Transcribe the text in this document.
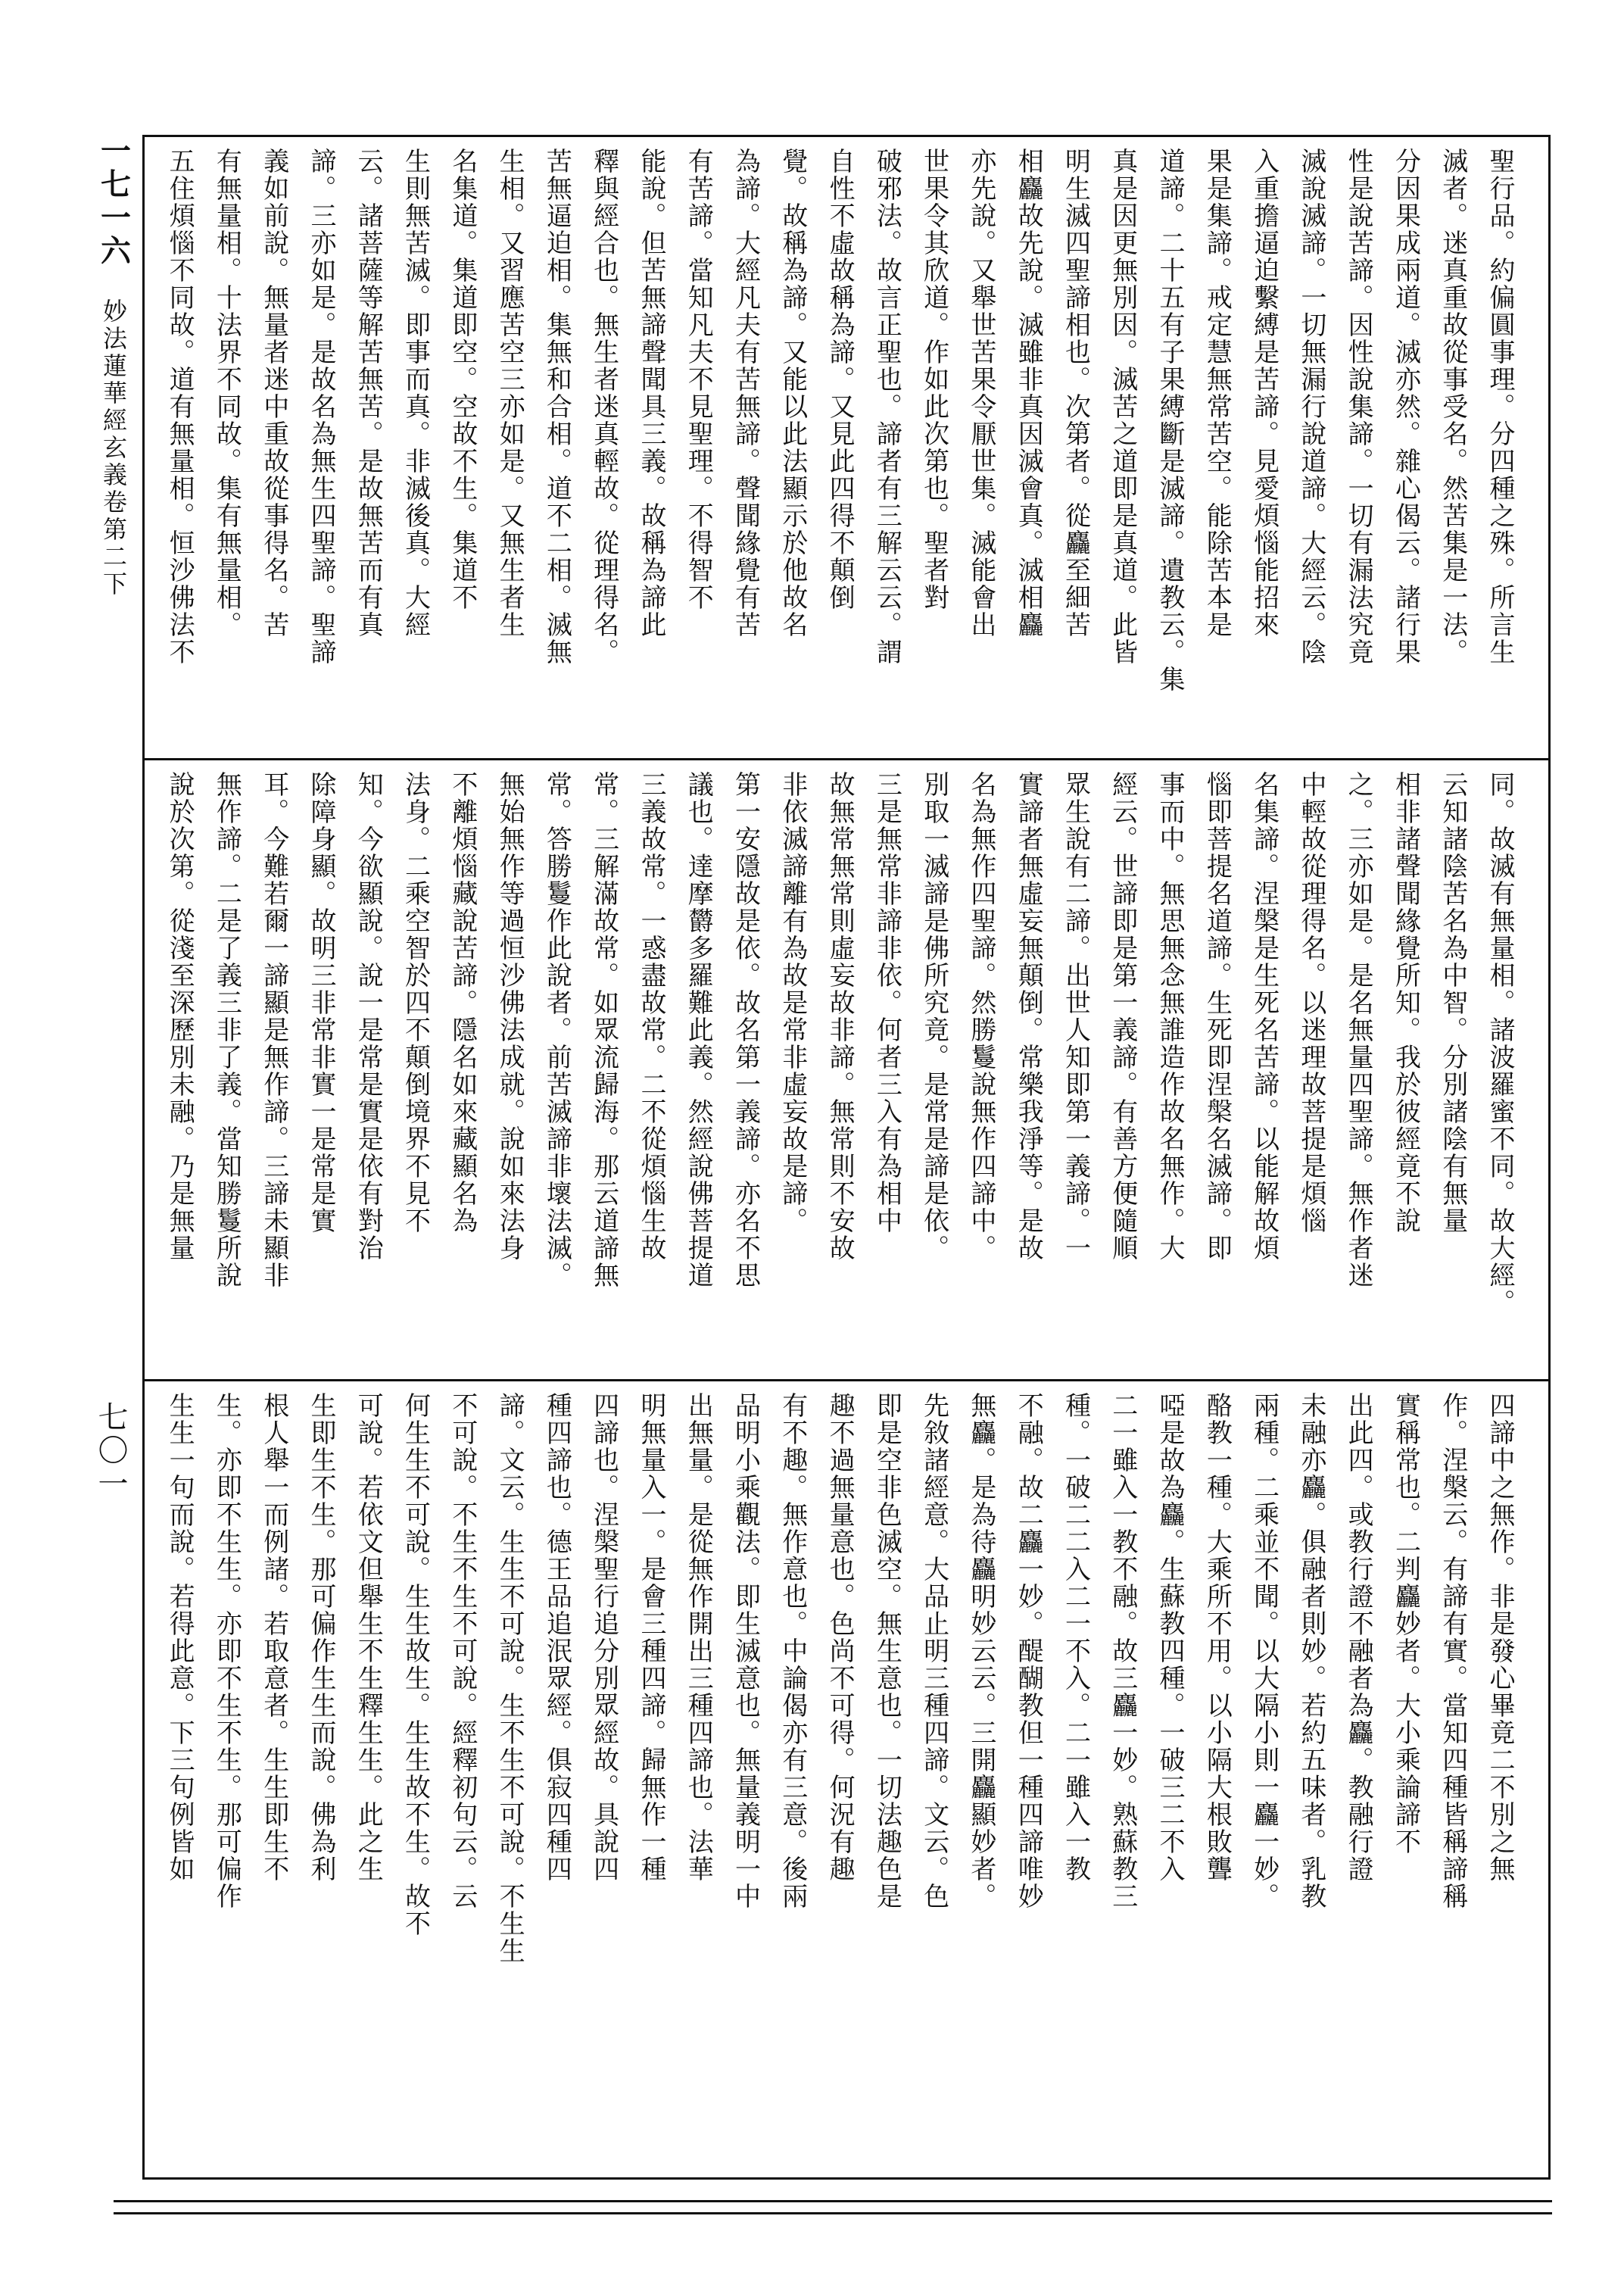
一七一六
妙法蓮華經玄義卷第二下
七〇一
聖行品。約偏圓事理。分四種之殊。所言生
滅者。迷真重故從事受名。然苦集是一法。
分因果成兩道。滅亦然。雜心偈云。諸行果
性是說苦諦。因性說集諦。一切有漏法究竟
滅說滅諦。一切無漏行說道諦。大經云。陰
入重擔逼迫繫縛是苦諦。見愛煩惱能招來
果是集諦。戒定慧無常苦空。能除苦本是
道諦。二十五有子果縛斷是滅諦。遺教云。集
真是因更無別因。滅苦之道即是真道。此皆
明生滅四聖諦相也。次第者。從麤至細苦
相麤故先說。滅雖非真因滅會真。滅相麤
亦先說。又舉世苦果令厭世集。滅能會出
世果令其欣道。作如此次第也。聖者對
破邪法。故言正聖也。諦者有三解云云。謂
自性不虛故稱為諦。又見此四得不顛倒
覺。故稱為諦。又能以此法顯示於他故名
為諦。大經凡夫有苦無諦。聲聞緣覺有苦
有苦諦。當知凡夫不見聖理。不得智不
能說。但苦無諦聲聞具三義。故稱為諦此
釋與經合也。無生者迷真輕故。從理得名。
苦無逼迫相。集無和合相。道不二相。滅無
生相。又習應苦空三亦如是。又無生者生
名集道。集道即空。空故不生。集道不
生則無苦滅。即事而真。非滅後真。大經
云。諸菩薩等解苦無苦。是故無苦而有真
諦。三亦如是。是故名為無生四聖諦。聖諦
義如前說。無量者迷中重故從事得名。苦
有無量相。十法界不同故。集有無量相。
五住煩惱不同故。道有無量相。恒沙佛法不
同。故滅有無量相。諸波羅蜜不同。故大經。
云知諸陰苦名為中智。分別諸陰有無量
相非諸聲聞緣覺所知。我於彼經竟不說
之。三亦如是。是名無量四聖諦。無作者迷
中輕故從理得名。以迷理故菩提是煩惱
名集諦。涅槃是生死名苦諦。以能解故煩
惱即菩提名道諦。生死即涅槃名滅諦。即
事而中。無思無念無誰造作故名無作。大
經云。世諦即是第一義諦。有善方便隨順
眾生說有二諦。出世人知即第一義諦。一
實諦者無虛妄無顛倒。常樂我淨等。是故
名為無作四聖諦。然勝鬘說無作四諦中。
別取一滅諦是佛所究竟。是常是諦是依。
三是無常非諦非依。何者三入有為相中
故無常無常則虛妄故非諦。無常則不安故
非依滅諦離有為故是常非虛妄故是諦。
第一安隱故是依。故名第一義諦。亦名不思
議也。達摩欝多羅難此義。然經說佛菩提道
三義故常。一惑盡故常。二不從煩惱生故
常。三解滿故常。如眾流歸海。那云道諦無
常。答勝鬘作此說者。前苦滅諦非壞法滅。
無始無作等過恒沙佛法成就。說如來法身
不離煩惱藏說苦諦。隱名如來藏顯名為
法身。二乘空智於四不顛倒境界不見不
知。今欲顯說。說一是常是實是依有對治
除障身顯。故明三非常非實一是常是實
耳。今難若爾一諦顯是無作諦。三諦未顯非
無作諦。二是了義三非了義。當知勝鬘所說
說於次第。從淺至深歷別未融。乃是無量
四諦中之無作。非是發心畢竟二不別之無
作。涅槃云。有諦有實。當知四種皆稱諦稱
實稱常也。二判麤妙者。大小乘論諦不
出此四。或教行證不融者為麤。教融行證
未融亦麤。俱融者則妙。若約五味者。乳教
兩種。二乘並不聞。以大隔小則一麤一妙。
酪教一種。大乘所不用。以小隔大根敗聾
啞是故為麤。生蘇教四種。一破三二不入
二一雖入一教不融。故三麤一妙。熟蘇教三
種。一破二二入二一不入。二一雖入一教
不融。故二麤一妙。醍醐教但一種四諦唯妙
無麤。是為待麤明妙云云。三開麤顯妙者。
先敘諸經意。大品止明三種四諦。文云。色
即是空非色滅空。無生意也。一切法趣色是
趣不過無量意也。色尚不可得。何況有趣
有不趣。無作意也。中論偈亦有三意。後兩
品明小乘觀法。即生滅意也。無量義明一中
出無量。是從無作開出三種四諦也。法華
明無量入一。是會三種四諦。歸無作一種
四諦也。涅槃聖行追分別眾經故。具說四
種四諦也。德王品追泯眾經。俱寂四種四
諦。文云。生生不可說。生不生不可說。不生生
不可說。不生不生不可說。經釋初句云。云
何生生不可說。生生故生。生生故不生。故不
可說。若依文但舉生不生釋生生。此之生
生即生不生。那可偏作生生而說。佛為利
根人舉一而例諸。若取意者。生生即生不
生。亦即不生生。亦即不生不生。那可偏作
生生一句而說。若得此意。下三句例皆如
